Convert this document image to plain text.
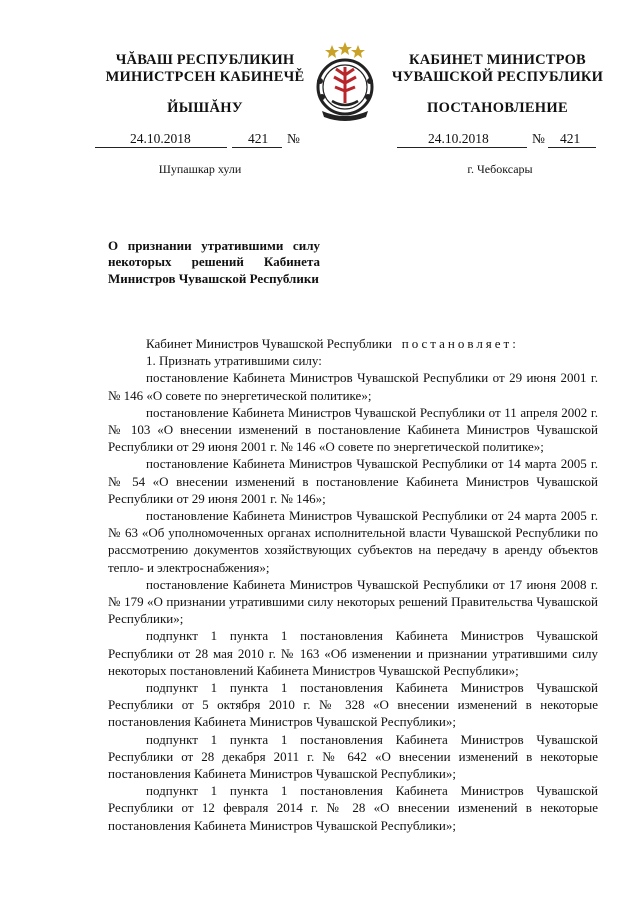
ЧĂВАШ РЕСПУБЛИКИН
МИНИСТРСЕН КАБИНЕЧĚ
КАБИНЕТ МИНИСТРОВ
ЧУВАШСКОЙ РЕСПУБЛИКИ
ЙЫШĂНУ	ПОСТАНОВЛЕНИЕ
24.10.2018	421 №	24.10.2018	№ 421
Шупашкар хули	г. Чебоксары
О признании утратившими силу некоторых решений Кабинета Министров Чувашской Республики

Кабинет Министров Чувашской Республики постановляет:

1. Признать утратившими силу:

постановление Кабинета Министров Чувашской Республики от 29 июня 2001 г. № 146 «О совете по энергетической политике»;

постановление Кабинета Министров Чувашской Республики от 11 апреля 2002 г. № 103 «О внесении изменений в постановление Кабинета Министров Чувашской Республики от 29 июня 2001 г. № 146 «О совете по энергетической политике»;

постановление Кабинета Министров Чувашской Республики от 14 марта 2005 г. № 54 «О внесении изменений в постановление Кабинета Министров Чувашской Республики от 29 июня 2001 г. № 146»;

постановление Кабинета Министров Чувашской Республики от 24 марта 2005 г. № 63 «Об уполномоченных органах исполнительной власти Чувашской Республики по рассмотрению документов хозяйствующих субъектов на передачу в аренду объектов тепло- и электроснабжения»;

постановление Кабинета Министров Чувашской Республики от 17 июня 2008 г. № 179 «О признании утратившими силу некоторых решений Правительства Чувашской Республики»;

подпункт 1 пункта 1 постановления Кабинета Министров Чувашской Республики от 28 мая 2010 г. № 163 «Об изменении и признании утратившими силу некоторых постановлений Кабинета Министров Чувашской Республики»;

подпункт 1 пункта 1 постановления Кабинета Министров Чувашской Республики от 5 октября 2010 г. № 328 «О внесении изменений в некоторые постановления Кабинета Министров Чувашской Республики»;

подпункт 1 пункта 1 постановления Кабинета Министров Чувашской Республики от 28 декабря 2011 г. № 642 «О внесении изменений в некоторые постановления Кабинета Министров Чувашской Республики»;

подпункт 1 пункта 1 постановления Кабинета Министров Чувашской Республики от 12 февраля 2014 г. № 28 «О внесении изменений в некоторые постановления Кабинета Министров Чувашской Республики»;
